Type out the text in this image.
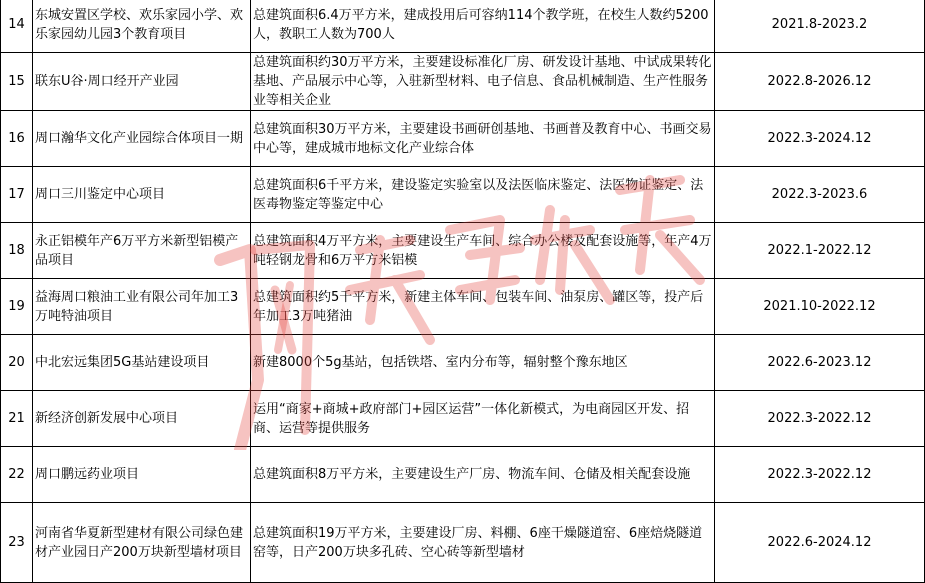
14	东城安置区学校、欢乐家园小学、欢乐家园幼儿园3个教育项目	总建筑面积6.4万平方米，建成投用后可容纳114个教学班，在校生人数约5200人，教职工人数为700人	2021.8-2023.2
15	联东U谷·周口经开产业园	总建筑面积约30万平方米，主要建设标准化厂房、研发设计基地、中试成果转化基地、产品展示中心等，入驻新型材料、电子信息、食品机械制造、生产性服务业等相关企业	2022.8-2026.12
16	周口瀚华文化产业园综合体项目一期	总建筑面积30万平方米，主要建设书画研创基地、书画普及教育中心、书画交易中心等，建成城市地标文化产业综合体	2022.3-2024.12
17	周口三川鉴定中心项目	总建筑面积6千平方米，建设鉴定实验室以及法医临床鉴定、法医物证鉴定、法医毒物鉴定等鉴定中心	2022.3-2023.6
18	永正铝模年产6万平方米新型铝模产品项目	总建筑面积4万平方米，主要建设生产车间、综合办公楼及配套设施等，年产4万吨轻钢龙骨和6万平方米铝模	2022.1-2022.12
19	益海周口粮油工业有限公司年加工3万吨特油项目	总建筑面积约5千平方米，新建主体车间、包装车间、油泵房、罐区等，投产后年加工3万吨猪油	2021.10-2022.12
20	中北宏远集团5G基站建设项目	新建8000个5g基站，包括铁塔、室内分布等，辐射整个豫东地区	2022.6-2023.12
21	新经济创新发展中心项目	运用“商家+商城+政府部门+园区运营”一体化新模式，为电商园区开发、招商、运营等提供服务	2022.3-2022.12
22	周口鹏远药业项目	总建筑面积8万平方米，主要建设生产厂房、物流车间、仓储及相关配套设施	2022.3-2022.12
23	河南省华夏新型建材有限公司绿色建材产业园日产200万块新型墙材项目	总建筑面积19万平方米，主要建设厂房、料棚、6座干燥隧道窑、6座焙烧隧道窑等，日产200万块多孔砖、空心砖等新型墙材	2022.6-2024.12
